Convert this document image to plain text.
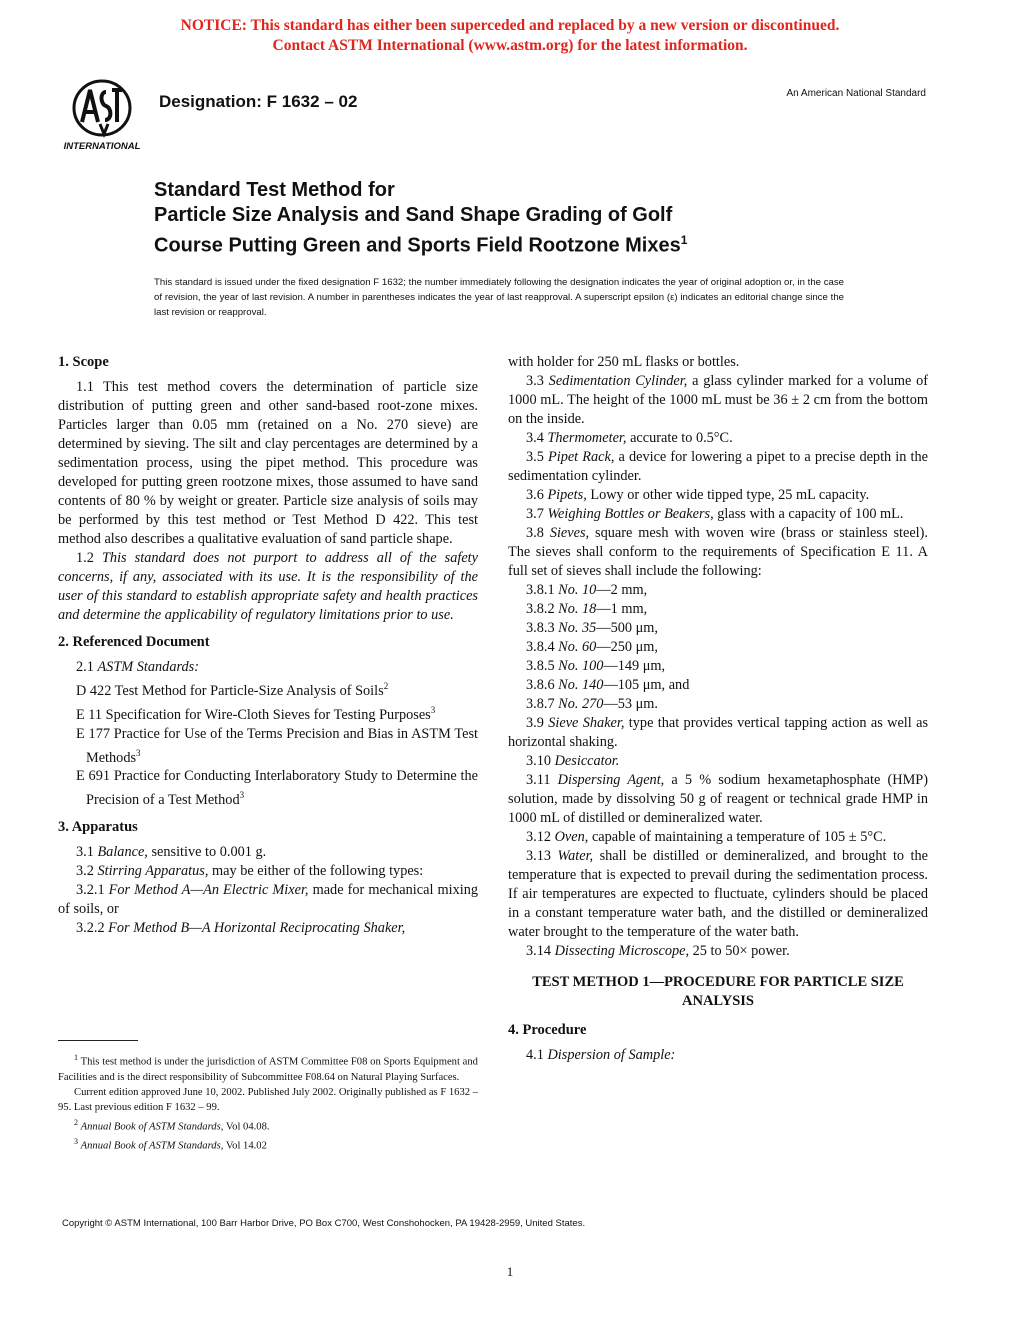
NOTICE: This standard has either been superceded and replaced by a new version or discontinued.
Contact ASTM International (www.astm.org) for the latest information.
INTERNATIONAL
Designation: F 1632 – 02	An American National Standard
Standard Test Method for
Particle Size Analysis and Sand Shape Grading of Golf
Course Putting Green and Sports Field Rootzone Mixes$^1$
This standard is issued under the fixed designation F 1632; the number immediately following the designation indicates the year of original adoption or, in the case of revision, the year of last revision. A number in parentheses indicates the year of last reapproval. A superscript epsilon (ε) indicates an editorial change since the last revision or reapproval.
1. Scope

1.1 This test method covers the determination of particle size distribution of putting green and other sand-based root-zone mixes. Particles larger than 0.05 mm (retained on a No. 270 sieve) are determined by sieving. The silt and clay percentages are determined by a sedimentation process, using the pipet method. This procedure was developed for putting green rootzone mixes, those assumed to have sand contents of 80 % by weight or greater. Particle size analysis of soils may be performed by this test method or Test Method D 422. This test method also describes a qualitative evaluation of sand particle shape.

1.2 This standard does not purport to address all of the safety concerns, if any, associated with its use. It is the responsibility of the user of this standard to establish appropriate safety and health practices and determine the applicability of regulatory limitations prior to use.

2. Referenced Document

2.1 ASTM Standards:

D 422 Test Method for Particle-Size Analysis of Soils$^2$

E 11 Specification for Wire-Cloth Sieves for Testing Purposes$^3$

E 177 Practice for Use of the Terms Precision and Bias in ASTM Test Methods$^3$

E 691 Practice for Conducting Interlaboratory Study to Determine the Precision of a Test Method$^3$

3. Apparatus

3.1 Balance, sensitive to 0.001 g.

3.2 Stirring Apparatus, may be either of the following types:

3.2.1 For Method A—An Electric Mixer, made for mechanical mixing of soils, or

3.2.2 For Method B—A Horizontal Reciprocating Shaker,

with holder for 250 mL flasks or bottles.

3.3 Sedimentation Cylinder, a glass cylinder marked for a volume of 1000 mL. The height of the 1000 mL must be 36 ± 2 cm from the bottom on the inside.

3.4 Thermometer, accurate to 0.5°C.

3.5 Pipet Rack, a device for lowering a pipet to a precise depth in the sedimentation cylinder.

3.6 Pipets, Lowy or other wide tipped type, 25 mL capacity.

3.7 Weighing Bottles or Beakers, glass with a capacity of 100 mL.

3.8 Sieves, square mesh with woven wire (brass or stainless steel). The sieves shall conform to the requirements of Specification E 11. A full set of sieves shall include the following:

3.8.1 No. 10—2 mm,

3.8.2 No. 18—1 mm,

3.8.3 No. 35—500 μm,

3.8.4 No. 60—250 μm,

3.8.5 No. 100—149 μm,

3.8.6 No. 140—105 μm, and

3.8.7 No. 270—53 μm.

3.9 Sieve Shaker, type that provides vertical tapping action as well as horizontal shaking.

3.10 Desiccator.

3.11 Dispersing Agent, a 5 % sodium hexametaphosphate (HMP) solution, made by dissolving 50 g of reagent or technical grade HMP in 1000 mL of distilled or demineralized water.

3.12 Oven, capable of maintaining a temperature of 105 ± 5°C.

3.13 Water, shall be distilled or demineralized, and brought to the temperature that is expected to prevail during the sedimentation process. If air temperatures are expected to fluctuate, cylinders should be placed in a constant temperature water bath, and the distilled or demineralized water brought to the temperature of the water bath.

3.14 Dissecting Microscope, 25 to 50× power.

TEST METHOD 1—PROCEDURE FOR PARTICLE SIZE ANALYSIS
4. Procedure

4.1 Dispersion of Sample:

$^1$ This test method is under the jurisdiction of ASTM Committee F08 on Sports Equipment and Facilities and is the direct responsibility of Subcommittee F08.64 on Natural Playing Surfaces.

Current edition approved June 10, 2002. Published July 2002. Originally published as F 1632 – 95. Last previous edition F 1632 – 99.

$^2$ Annual Book of ASTM Standards, Vol 04.08.

$^3$ Annual Book of ASTM Standards, Vol 14.02

Copyright © ASTM International, 100 Barr Harbor Drive, PO Box C700, West Conshohocken, PA 19428-2959, United States.
1
